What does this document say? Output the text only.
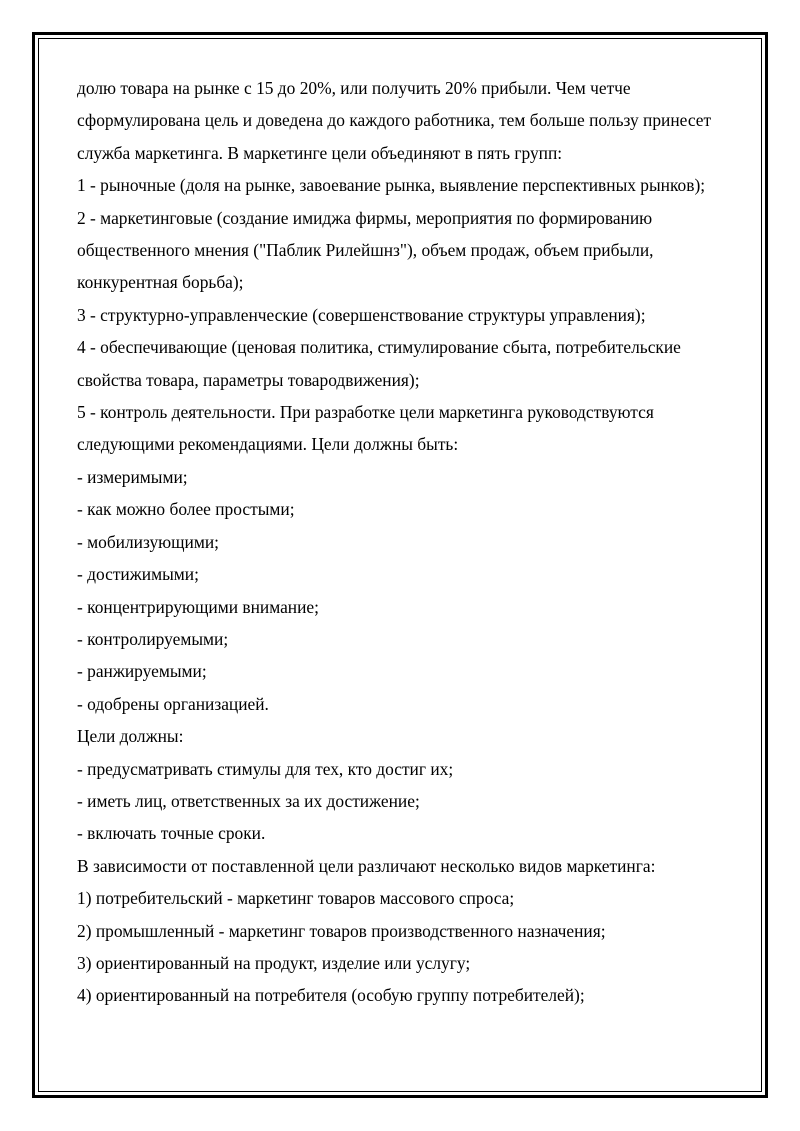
долю товара на рынке с 15 до 20%, или получить 20% прибыли. Чем четче сформулирована цель и доведена до каждого работника, тем больше пользу принесет служба маркетинга. В маркетинге цели объединяют в пять групп:

1 - рыночные (доля на рынке, завоевание рынка, выявление перспективных рынков);

2 - маркетинговые (создание имиджа фирмы, мероприятия по формированию общественного мнения ("Паблик Рилейшнз"), объем продаж, объем прибыли, конкурентная борьба);

3 - структурно-управленческие (совершенствование структуры управления);

4 - обеспечивающие (ценовая политика, стимулирование сбыта, потребительские свойства товара, параметры товародвижения);

5 - контроль деятельности. При разработке цели маркетинга руководствуются следующими рекомендациями. Цели должны быть:

- измеримыми;

- как можно более простыми;

- мобилизующими;

- достижимыми;

- концентрирующими внимание;

- контролируемыми;

- ранжируемыми;

- одобрены организацией.

Цели должны:

- предусматривать стимулы для тех, кто достиг их;

- иметь лиц, ответственных за их достижение;

- включать точные сроки.

В зависимости от поставленной цели различают несколько видов маркетинга:

1) потребительский - маркетинг товаров массового спроса;

2) промышленный - маркетинг товаров производственного назначения;

3) ориентированный на продукт, изделие или услугу;

4) ориентированный на потребителя (особую группу потребителей);
